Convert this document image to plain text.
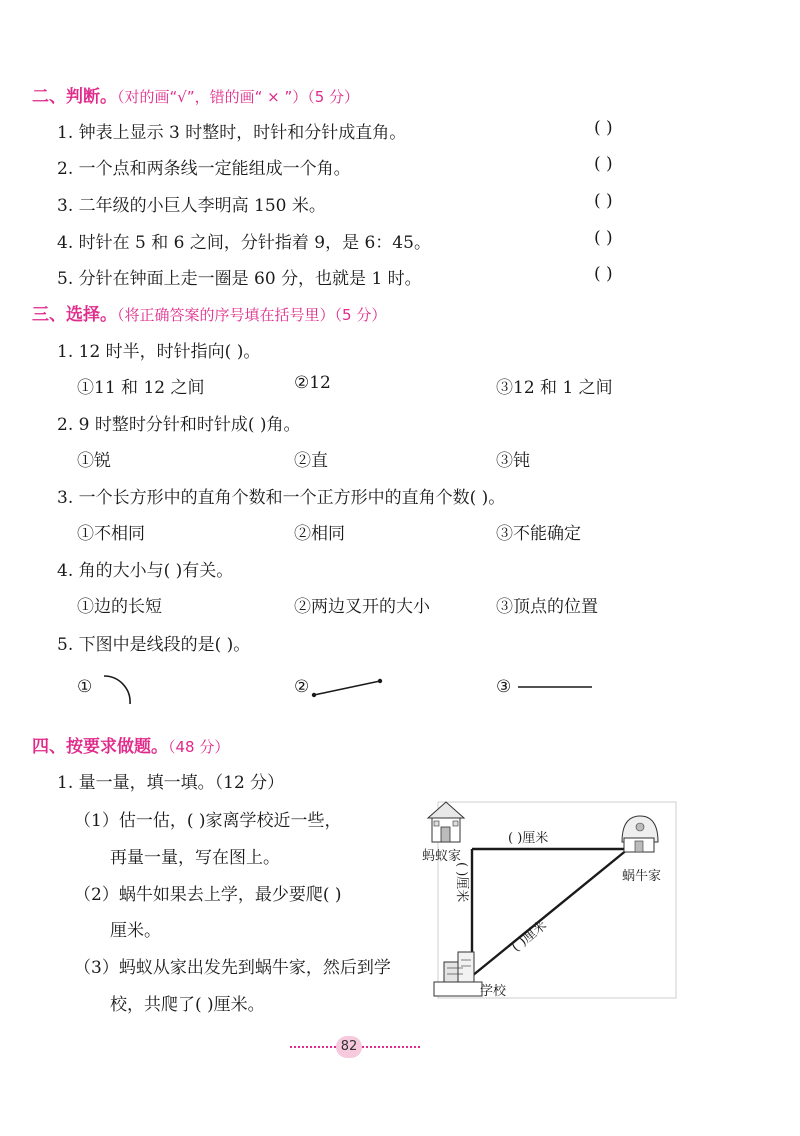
二、判断。（对的画“√”，错的画“ × ”）（5 分）
1. 钟表上显示 3 时整时，时针和分针成直角。	( )
2. 一个点和两条线一定能组成一个角。	( )
3. 二年级的小巨人李明高 150 米。	( )
4. 时针在 5 和 6 之间，分针指着 9，是 6：45。	( )
5. 分针在钟面上走一圈是 60 分，也就是 1 时。	( )
三、选择。（将正确答案的序号填在括号里）（5 分）
1. 12 时半，时针指向( )。
①11 和 12 之间	②12	③12 和 1 之间
2. 9 时整时分针和时针成( )角。
①锐	②直	③钝
3. 一个长方形中的直角个数和一个正方形中的直角个数( )。
①不相同	②相同	③不能确定
4. 角的大小与( )有关。
①边的长短	②两边叉开的大小	③顶点的位置
5. 下图中是线段的是( )。
①	②	③
四、按要求做题。（48 分）
1. 量一量，填一填。（12 分）
（1）估一估，( )家离学校近一些，
再量一量，写在图上。
（2）蜗牛如果去上学，最少要爬( )
厘米。
（3）蚂蚁从家出发先到蜗牛家，然后到学
校，共爬了( )厘米。
蚂蚁家
蜗牛家
学校
( )厘米
( )厘米
( )厘米
82
